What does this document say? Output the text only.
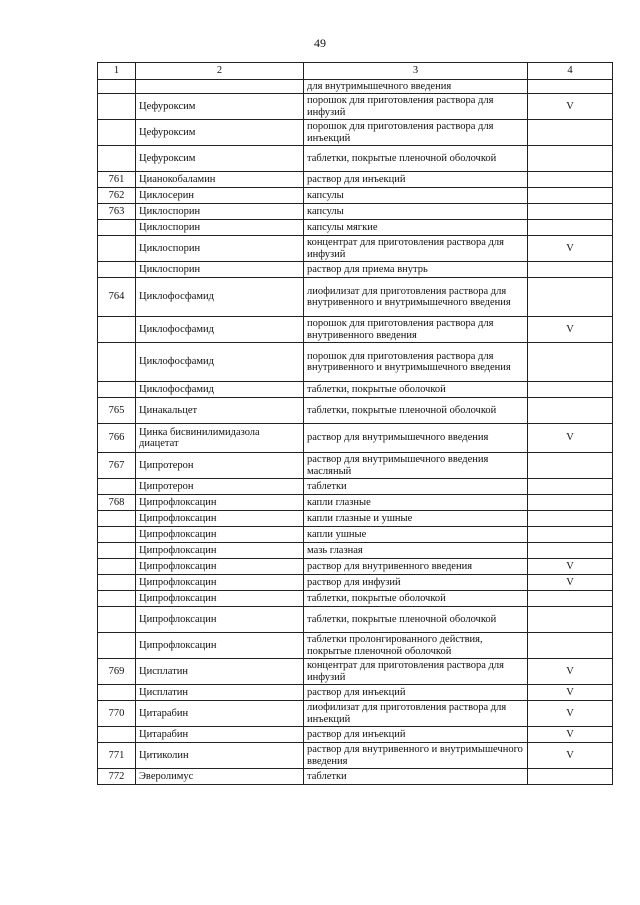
49
1	2	3	4
		для внутримышечного введения	
	Цефуроксим	порошок для приготовления раствора для инфузий	V
	Цефуроксим	порошок для приготовления раствора для инъекций	
	Цефуроксим	таблетки, покрытые пленочной оболочкой	
761	Цианокобаламин	раствор для инъекций	
762	Циклосерин	капсулы	
763	Циклоспорин	капсулы	
	Циклоспорин	капсулы мягкие	
	Циклоспорин	концентрат для приготовления раствора для инфузий	V
	Циклоспорин	раствор для приема внутрь	
764	Циклофосфамид	лиофилизат для приготовления раствора для внутривенного и внутримышечного введения	
	Циклофосфамид	порошок для приготовления раствора для внутривенного введения	V
	Циклофосфамид	порошок для приготовления раствора для внутривенного и внутримышечного введения	
	Циклофосфамид	таблетки, покрытые оболочкой	
765	Цинакальцет	таблетки, покрытые пленочной оболочкой	
766	Цинка бисвинилимидазола диацетат	раствор для внутримышечного введения	V
767	Ципротерон	раствор для внутримышечного введения масляный	
	Ципротерон	таблетки	
768	Ципрофлоксацин	капли глазные	
	Ципрофлоксацин	капли глазные и ушные	
	Ципрофлоксацин	капли ушные	
	Ципрофлоксацин	мазь глазная	
	Ципрофлоксацин	раствор для внутривенного введения	V
	Ципрофлоксацин	раствор для инфузий	V
	Ципрофлоксацин	таблетки, покрытые оболочкой	
	Ципрофлоксацин	таблетки, покрытые пленочной оболочкой	
	Ципрофлоксацин	таблетки пролонгированного действия, покрытые пленочной оболочкой	
769	Цисплатин	концентрат для приготовления раствора для инфузий	V
	Цисплатин	раствор для инъекций	V
770	Цитарабин	лиофилизат для приготовления раствора для инъекций	V
	Цитарабин	раствор для инъекций	V
771	Цитиколин	раствор для внутривенного и внутримышечного введения	V
772	Эверолимус	таблетки	
